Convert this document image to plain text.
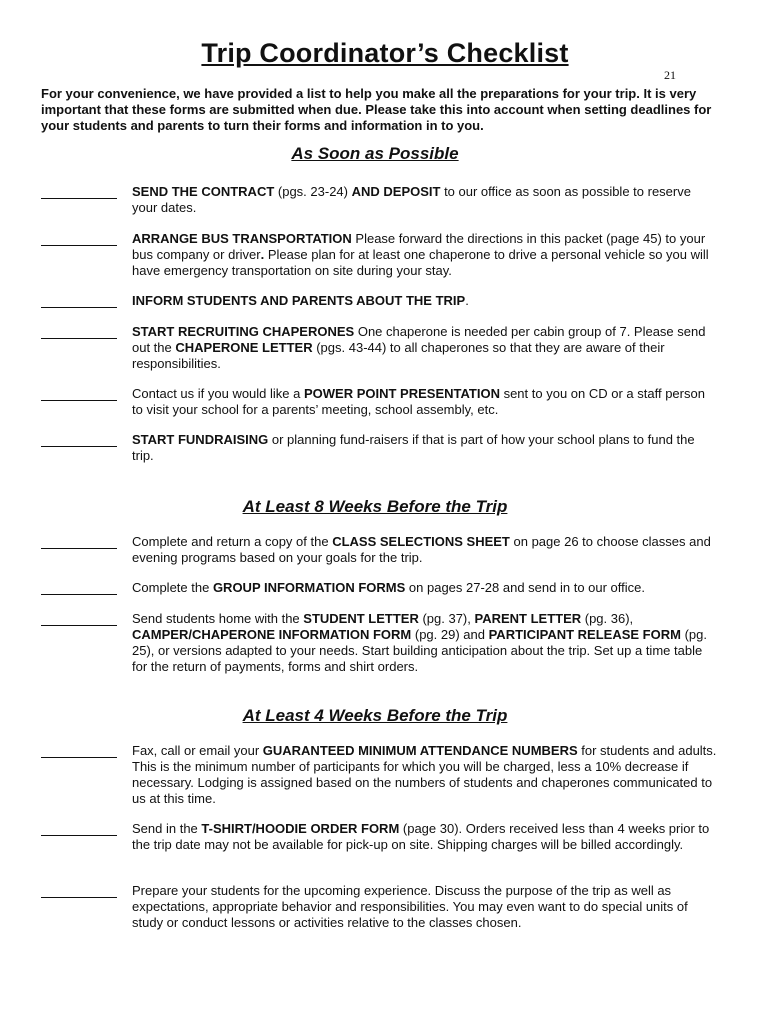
Trip Coordinator’s Checklist
21
For your convenience, we have provided a list to help you make all the preparations for your trip. It is very important that these forms are submitted when due. Please take this into account when setting deadlines for your students and parents to turn their forms and information in to you.
As Soon as Possible
At Least 8 Weeks Before the Trip
At Least 4 Weeks Before the Trip
SEND THE CONTRACT (pgs. 23-24) AND DEPOSIT to our office as soon as possible to reserve your dates.
ARRANGE BUS TRANSPORTATION Please forward the directions in this packet (page 45) to your bus company or driver. Please plan for at least one chaperone to drive a personal vehicle so you will have emergency transportation on site during your stay.
INFORM STUDENTS AND PARENTS ABOUT THE TRIP.
START RECRUITING CHAPERONES One chaperone is needed per cabin group of 7. Please send out the CHAPERONE LETTER (pgs. 43-44) to all chaperones so that they are aware of their responsibilities.
Contact us if you would like a POWER POINT PRESENTATION sent to you on CD or a staff person to visit your school for a parents’ meeting, school assembly, etc.
START FUNDRAISING or planning fund-raisers if that is part of how your school plans to fund the trip.
Complete and return a copy of the CLASS SELECTIONS SHEET on page 26 to choose classes and evening programs based on your goals for the trip.
Complete the GROUP INFORMATION FORMS on pages 27-28 and send in to our office.
Send students home with the STUDENT LETTER (pg. 37), PARENT LETTER (pg. 36), CAMPER/CHAPERONE INFORMATION FORM (pg. 29) and PARTICIPANT RELEASE FORM (pg. 25), or versions adapted to your needs. Start building anticipation about the trip. Set up a time table for the return of payments, forms and shirt orders.
Fax, call or email your GUARANTEED MINIMUM ATTENDANCE NUMBERS for students and adults. This is the minimum number of participants for which you will be charged, less a 10% decrease if necessary. Lodging is assigned based on the numbers of students and chaperones communicated to us at this time.
Send in the T-SHIRT/HOODIE ORDER FORM (page 30). Orders received less than 4 weeks prior to the trip date may not be available for pick-up on site. Shipping charges will be billed accordingly.
Prepare your students for the upcoming experience. Discuss the purpose of the trip as well as expectations, appropriate behavior and responsibilities. You may even want to do special units of study or conduct lessons or activities relative to the classes chosen.
